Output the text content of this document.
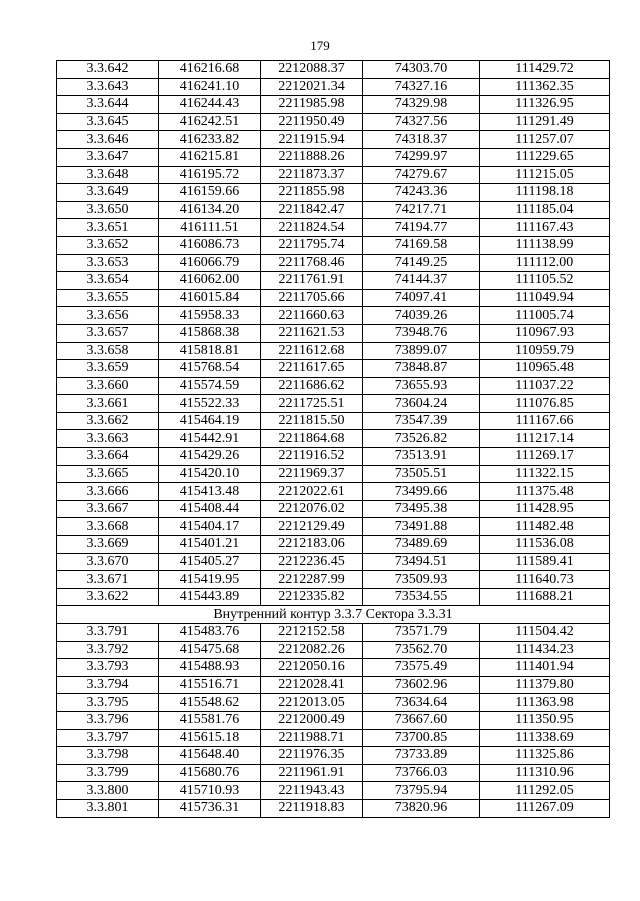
179
3.3.642	416216.68	2212088.37	74303.70	111429.72
3.3.643	416241.10	2212021.34	74327.16	111362.35
3.3.644	416244.43	2211985.98	74329.98	111326.95
3.3.645	416242.51	2211950.49	74327.56	111291.49
3.3.646	416233.82	2211915.94	74318.37	111257.07
3.3.647	416215.81	2211888.26	74299.97	111229.65
3.3.648	416195.72	2211873.37	74279.67	111215.05
3.3.649	416159.66	2211855.98	74243.36	111198.18
3.3.650	416134.20	2211842.47	74217.71	111185.04
3.3.651	416111.51	2211824.54	74194.77	111167.43
3.3.652	416086.73	2211795.74	74169.58	111138.99
3.3.653	416066.79	2211768.46	74149.25	111112.00
3.3.654	416062.00	2211761.91	74144.37	111105.52
3.3.655	416015.84	2211705.66	74097.41	111049.94
3.3.656	415958.33	2211660.63	74039.26	111005.74
3.3.657	415868.38	2211621.53	73948.76	110967.93
3.3.658	415818.81	2211612.68	73899.07	110959.79
3.3.659	415768.54	2211617.65	73848.87	110965.48
3.3.660	415574.59	2211686.62	73655.93	111037.22
3.3.661	415522.33	2211725.51	73604.24	111076.85
3.3.662	415464.19	2211815.50	73547.39	111167.66
3.3.663	415442.91	2211864.68	73526.82	111217.14
3.3.664	415429.26	2211916.52	73513.91	111269.17
3.3.665	415420.10	2211969.37	73505.51	111322.15
3.3.666	415413.48	2212022.61	73499.66	111375.48
3.3.667	415408.44	2212076.02	73495.38	111428.95
3.3.668	415404.17	2212129.49	73491.88	111482.48
3.3.669	415401.21	2212183.06	73489.69	111536.08
3.3.670	415405.27	2212236.45	73494.51	111589.41
3.3.671	415419.95	2212287.99	73509.93	111640.73
3.3.622	415443.89	2212335.82	73534.55	111688.21
Внутренний контур 3.3.7 Сектора 3.3.31				
3.3.791	415483.76	2212152.58	73571.79	111504.42
3.3.792	415475.68	2212082.26	73562.70	111434.23
3.3.793	415488.93	2212050.16	73575.49	111401.94
3.3.794	415516.71	2212028.41	73602.96	111379.80
3.3.795	415548.62	2212013.05	73634.64	111363.98
3.3.796	415581.76	2212000.49	73667.60	111350.95
3.3.797	415615.18	2211988.71	73700.85	111338.69
3.3.798	415648.40	2211976.35	73733.89	111325.86
3.3.799	415680.76	2211961.91	73766.03	111310.96
3.3.800	415710.93	2211943.43	73795.94	111292.05
3.3.801	415736.31	2211918.83	73820.96	111267.09
